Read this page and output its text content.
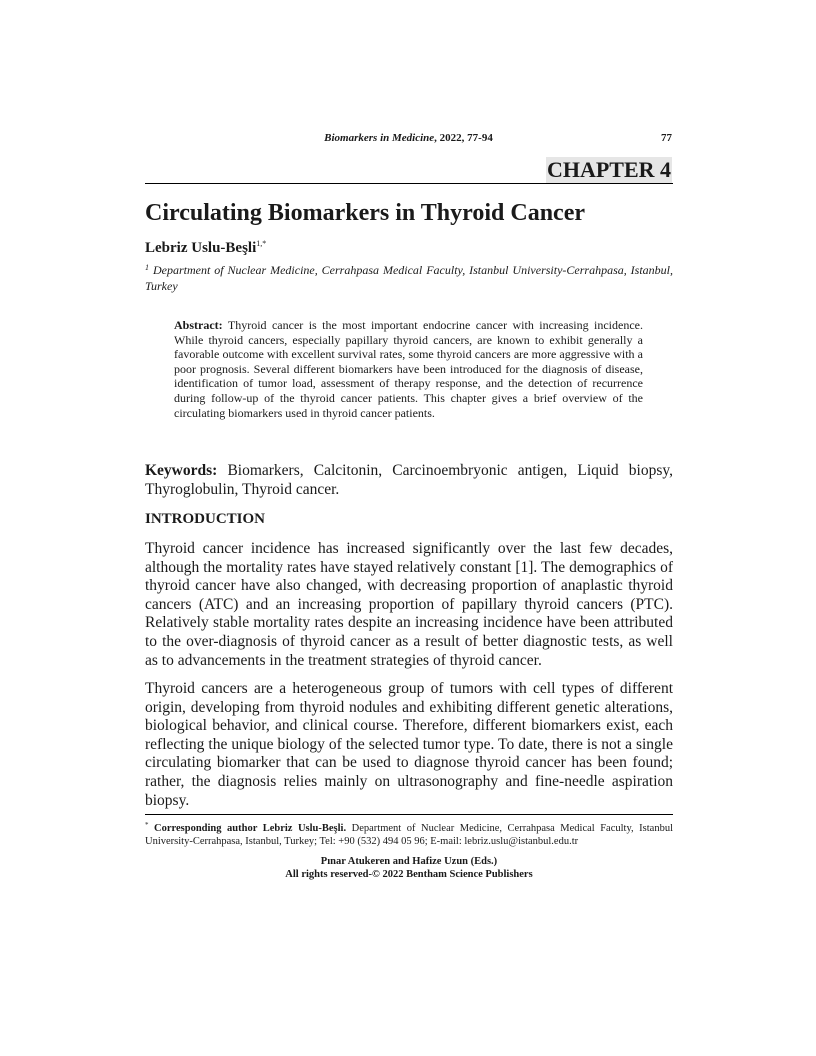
Biomarkers in Medicine, 2022, 77-94	77
CHAPTER 4
Circulating Biomarkers in Thyroid Cancer
Lebriz Uslu-Beşli$^{1,*}$
$^1$ Department of Nuclear Medicine, Cerrahpasa Medical Faculty, Istanbul University-Cerrahpasa, Istanbul, Turkey
Abstract: Thyroid cancer is the most important endocrine cancer with increasing incidence. While thyroid cancers, especially papillary thyroid cancers, are known to exhibit generally a favorable outcome with excellent survival rates, some thyroid cancers are more aggressive with a poor prognosis. Several different biomarkers have been introduced for the diagnosis of disease, identification of tumor load, assessment of therapy response, and the detection of recurrence during follow-up of the thyroid cancer patients. This chapter gives a brief overview of the circulating biomarkers used in thyroid cancer patients.
Keywords: Biomarkers, Calcitonin, Carcinoembryonic antigen, Liquid biopsy, Thyroglobulin, Thyroid cancer.
INTRODUCTION

Thyroid cancer incidence has increased significantly over the last few decades, although the mortality rates have stayed relatively constant [1]. The demographics of thyroid cancer have also changed, with decreasing proportion of anaplastic thyroid cancers (ATC) and an increasing proportion of papillary thyroid cancers (PTC). Relatively stable mortality rates despite an increasing incidence have been attributed to the over-diagnosis of thyroid cancer as a result of better diagnostic tests, as well as to advancements in the treatment strategies of thyroid cancer.

Thyroid cancers are a heterogeneous group of tumors with cell types of different origin, developing from thyroid nodules and exhibiting different genetic alterations, biological behavior, and clinical course. Therefore, different biomarkers exist, each reflecting the unique biology of the selected tumor type. To date, there is not a single circulating biomarker that can be used to diagnose thyroid cancer has been found; rather, the diagnosis relies mainly on ultrasonography and fine-needle aspiration biopsy.

* Corresponding author Lebriz Uslu-Beşli. Department of Nuclear Medicine, Cerrahpasa Medical Faculty, Istanbul University-Cerrahpasa, Istanbul, Turkey; Tel: +90 (532) 494 05 96; E-mail: lebriz.uslu@istanbul.edu.tr
Pınar Atukeren and Hafize Uzun (Eds.)
All rights reserved-© 2022 Bentham Science Publishers
